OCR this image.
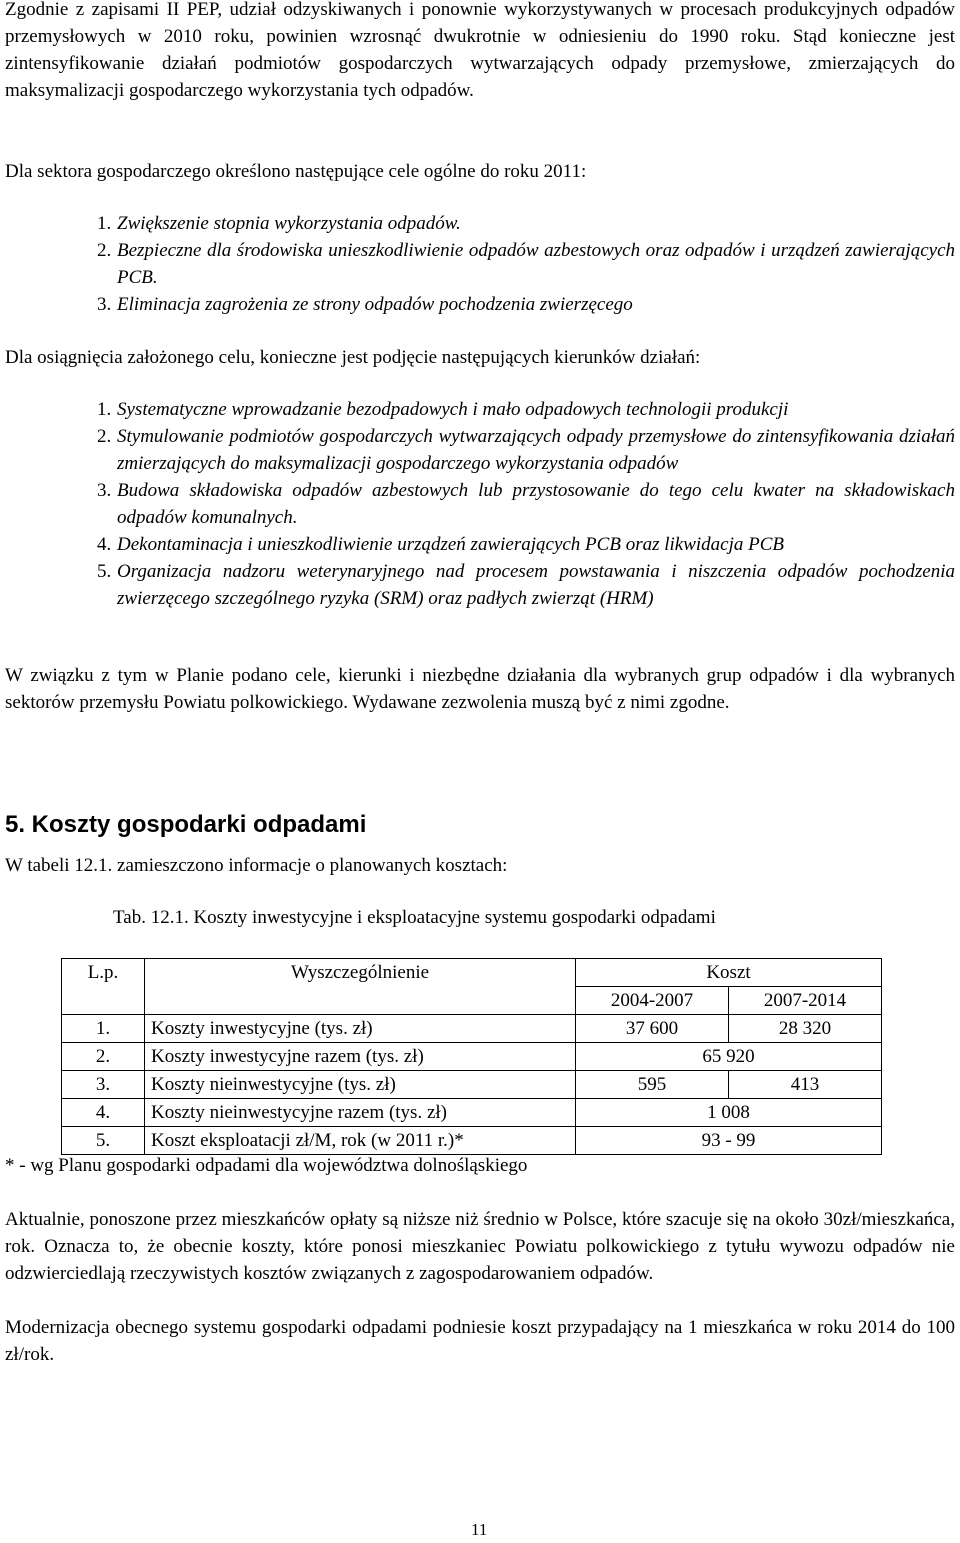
Zgodnie z zapisami II PEP, udział odzyskiwanych i ponownie wykorzystywanych w procesach produkcyjnych odpadów przemysłowych w 2010 roku, powinien wzrosnąć dwukrotnie w odniesieniu do 1990 roku. Stąd konieczne jest zintensyfikowanie działań podmiotów gospodarczych wytwarzających odpady przemysłowe, zmierzających do maksymalizacji gospodarczego wykorzystania tych odpadów.

Dla sektora gospodarczego określono następujące cele ogólne do roku 2011:

1. Zwiększenie stopnia wykorzystania odpadów.
2. Bezpieczne dla środowiska unieszkodliwienie odpadów azbestowych oraz odpadów i urządzeń zawierających PCB.
3. Eliminacja zagrożenia ze strony odpadów pochodzenia zwierzęcego

Dla osiągnięcia założonego celu, konieczne jest podjęcie następujących kierunków działań:

1. Systematyczne wprowadzanie bezodpadowych i mało odpadowych technologii produkcji
2. Stymulowanie podmiotów gospodarczych wytwarzających odpady przemysłowe do zintensyfikowania działań zmierzających do maksymalizacji gospodarczego wykorzystania odpadów
3. Budowa składowiska odpadów azbestowych lub przystosowanie do tego celu kwater na składowiskach odpadów komunalnych.
4. Dekontaminacja i unieszkodliwienie urządzeń zawierających PCB oraz likwidacja PCB
5. Organizacja nadzoru weterynaryjnego nad procesem powstawania i niszczenia odpadów pochodzenia zwierzęcego szczególnego ryzyka (SRM) oraz padłych zwierząt (HRM)

W związku z tym w Planie podano cele, kierunki i niezbędne działania dla wybranych grup odpadów i dla wybranych sektorów przemysłu Powiatu polkowickiego. Wydawane zezwolenia muszą być z nimi zgodne.

5. Koszty gospodarki odpadami

W tabeli 12.1. zamieszczono informacje o planowanych kosztach:

Tab. 12.1. Koszty inwestycyjne i eksploatacyjne systemu gospodarki odpadami
L.p.	Wyszczególnienie	Koszt	
		2004-2007	2007-2014
1.	Koszty inwestycyjne (tys. zł)	37 600	28 320
2.	Koszty inwestycyjne razem (tys. zł)	65 920	
3.	Koszty nieinwestycyjne (tys. zł)	595	413
4.	Koszty nieinwestycyjne razem (tys. zł)	1 008	
5.	Koszt eksploatacji zł/M, rok (w 2011 r.)*	93 - 99	
* - wg Planu gospodarki odpadami dla województwa dolnośląskiego

Aktualnie, ponoszone przez mieszkańców opłaty są niższe niż średnio w Polsce, które szacuje się na około 30zł/mieszkańca, rok. Oznacza to, że obecnie koszty, które ponosi mieszkaniec Powiatu polkowickiego z tytułu wywozu odpadów nie odzwierciedlają rzeczywistych kosztów związanych z zagospodarowaniem odpadów.

Modernizacja obecnego systemu gospodarki odpadami podniesie koszt przypadający na 1 mieszkańca w roku 2014 do 100 zł/rok.

11
